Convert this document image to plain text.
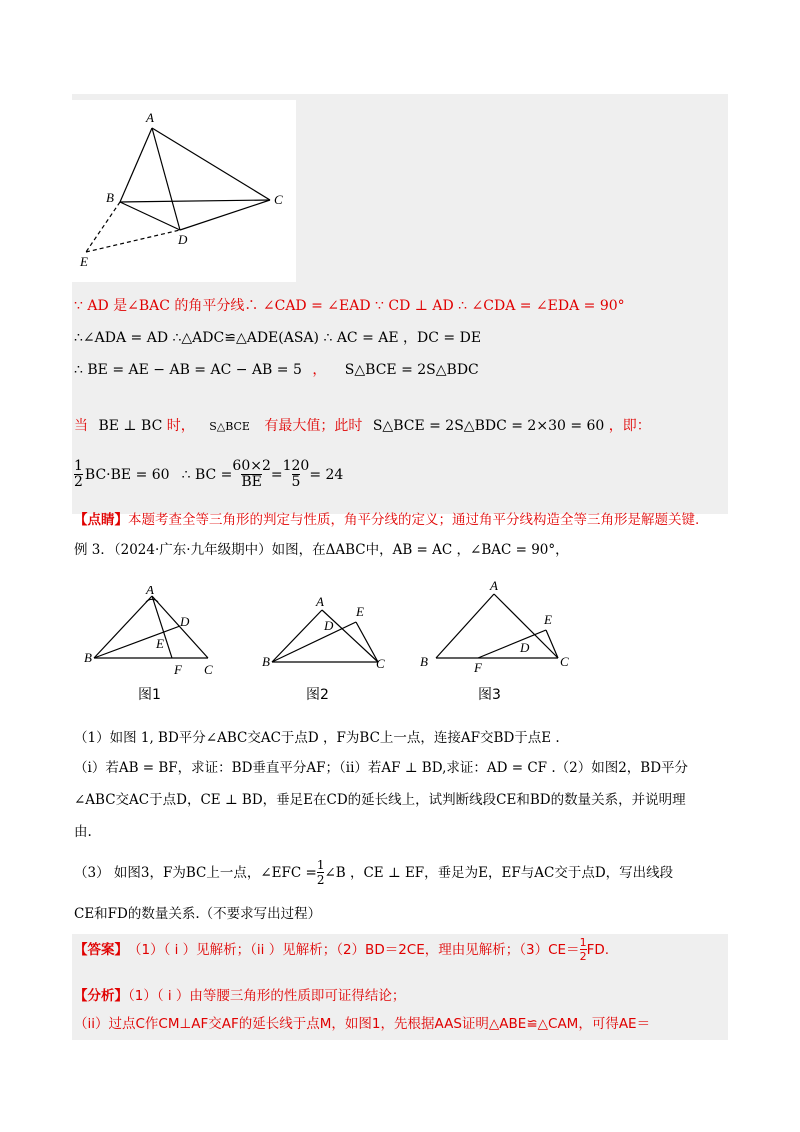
A
B	C
D
E
∵ AD 是∠BAC 的角平分线∴ ∠CAD = ∠EAD ∵ CD ⊥ AD ∴ ∠CDA = ∠EDA = 90°
∴∠ADA = AD ∴△ADC≌△ADE(ASA) ∴ AC = AE ，DC = DE
∴ BE = AE − AB = AC − AB = 5 ， S△BCE = 2S△BDC
当 BE ⊥ BC 时， S△BCE 有最大值；此时 S△BCE = 2S△BDC = 2×30 = 60 ，即：
1
2 BC·BE = 60 ∴ BC = $\frac{60\times 2}{BE} = \frac{120}{5} = 24$
【点睛】本题考查全等三角形的判定与性质，角平分线的定义；通过角平分线构造全等三角形是解题关键.
例 3．（2024·广东·九年级期中）如图，在ΔABC中，AB = AC ，∠BAC = 90°，
A
B
C
D
E
F
图1
A
B	C
D
E
图2
A
B	C
D
E
F
图3
（1）如图 1, BD平分∠ABC交AC于点D ，F为BC上一点，连接AF交BD于点E .
（i）若AB = BF，求证：BD垂直平分AF；（ii）若AF ⊥ BD,求证：AD = CF .（2）如图2，BD平分
∠ABC交AC于点D，CE ⊥ BD，垂足E在CD的延长线上，试判断线段CE和BD的数量关系，并说明理
由.
（3） 如图3，F为BC上一点，∠EFC = $\frac{1}{2}$ ∠B ，CE ⊥ EF，垂足为E，EF与AC交于点D，写出线段
CE和FD的数量关系.（不要求写出过程）
【答案】 （1）（ i ）见解析；（ii ）见解析；（2）BD＝2CE，理由见解析；（3）CE＝ 1
2 FD.
【分析】（1）（ i ）由等腰三角形的性质即可证得结论；
（ii）过点C作CM⊥AF交AF的延长线于点M，如图1，先根据AAS证明△ABE≌△CAM，可得AE＝
